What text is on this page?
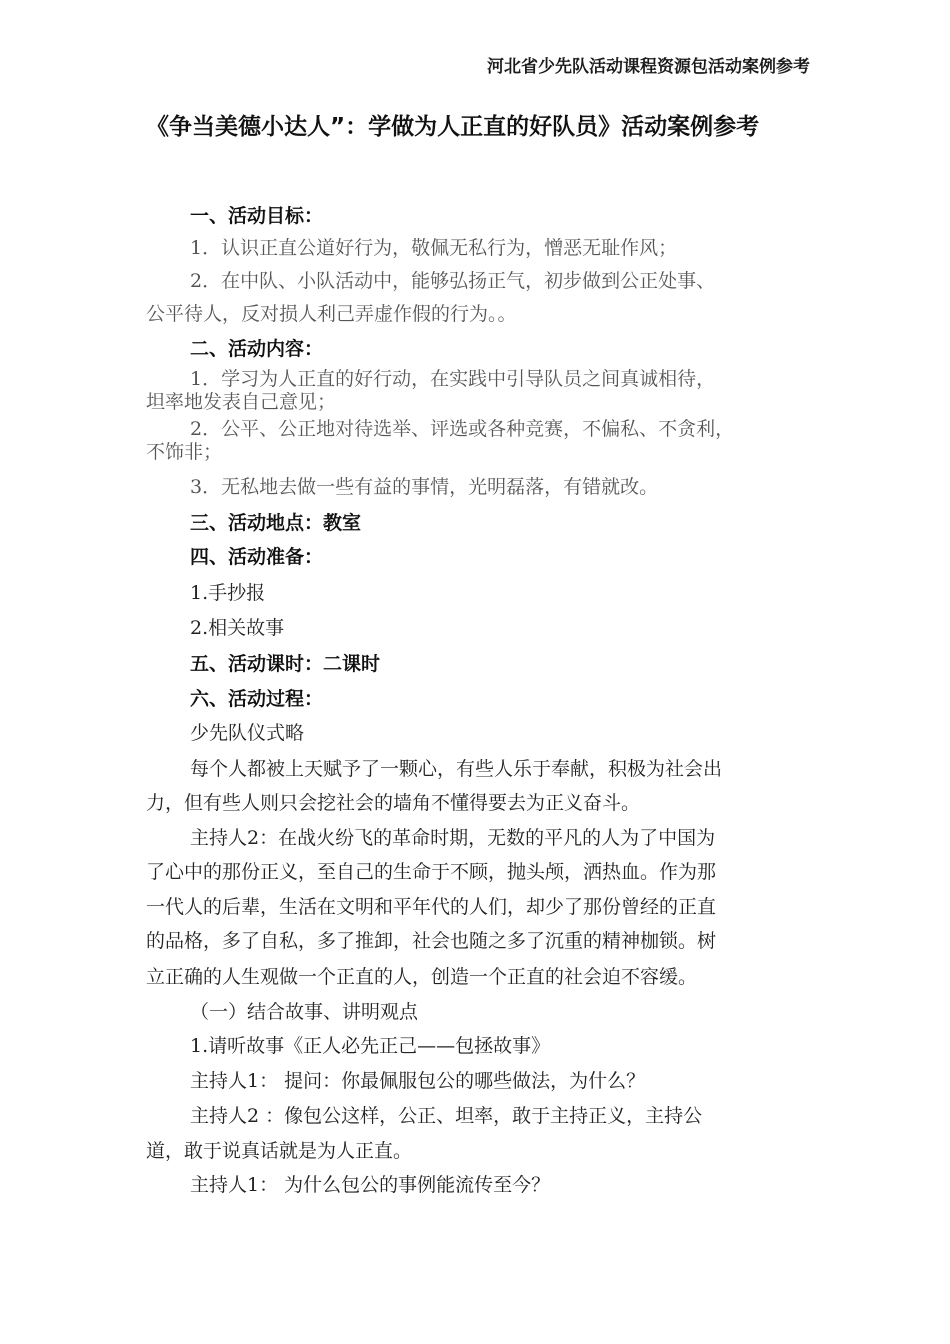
河北省少先队活动课程资源包活动案例参考
《争当美德小达人”：学做为人正直的好队员》活动案例参考
一、活动目标：
1．认识正直公道好行为，敬佩无私行为，憎恶无耻作风；
2．在中队、小队活动中，能够弘扬正气，初步做到公正处事、
公平待人，反对损人利己弄虚作假的行为。。
二、活动内容：
1．学习为人正直的好行动，在实践中引导队员之间真诚相待，
坦率地发表自己意见；
2．公平、公正地对待选举、评选或各种竞赛，不偏私、不贪利，
不饰非；
3．无私地去做一些有益的事情，光明磊落，有错就改。
三、活动地点：教室
四、活动准备：
1.手抄报
2.相关故事
五、活动课时：二课时
六、活动过程：
少先队仪式略
每个人都被上天赋予了一颗心，有些人乐于奉献，积极为社会出
力，但有些人则只会挖社会的墙角不懂得要去为正义奋斗。
主持人2：在战火纷飞的革命时期，无数的平凡的人为了中国为
了心中的那份正义，至自己的生命于不顾，抛头颅，洒热血。作为那
一代人的后辈，生活在文明和平年代的人们，却少了那份曾经的正直
的品格，多了自私，多了推卸，社会也随之多了沉重的精神枷锁。树
立正确的人生观做一个正直的人，创造一个正直的社会迫不容缓。
（一）结合故事、讲明观点
1.请听故事《正人必先正己——包拯故事》
主持人1： 提问：你最佩服包公的哪些做法，为什么？
主持人2 ：像包公这样，公正、坦率，敢于主持正义，主持公
道，敢于说真话就是为人正直。
主持人1： 为什么包公的事例能流传至今？
